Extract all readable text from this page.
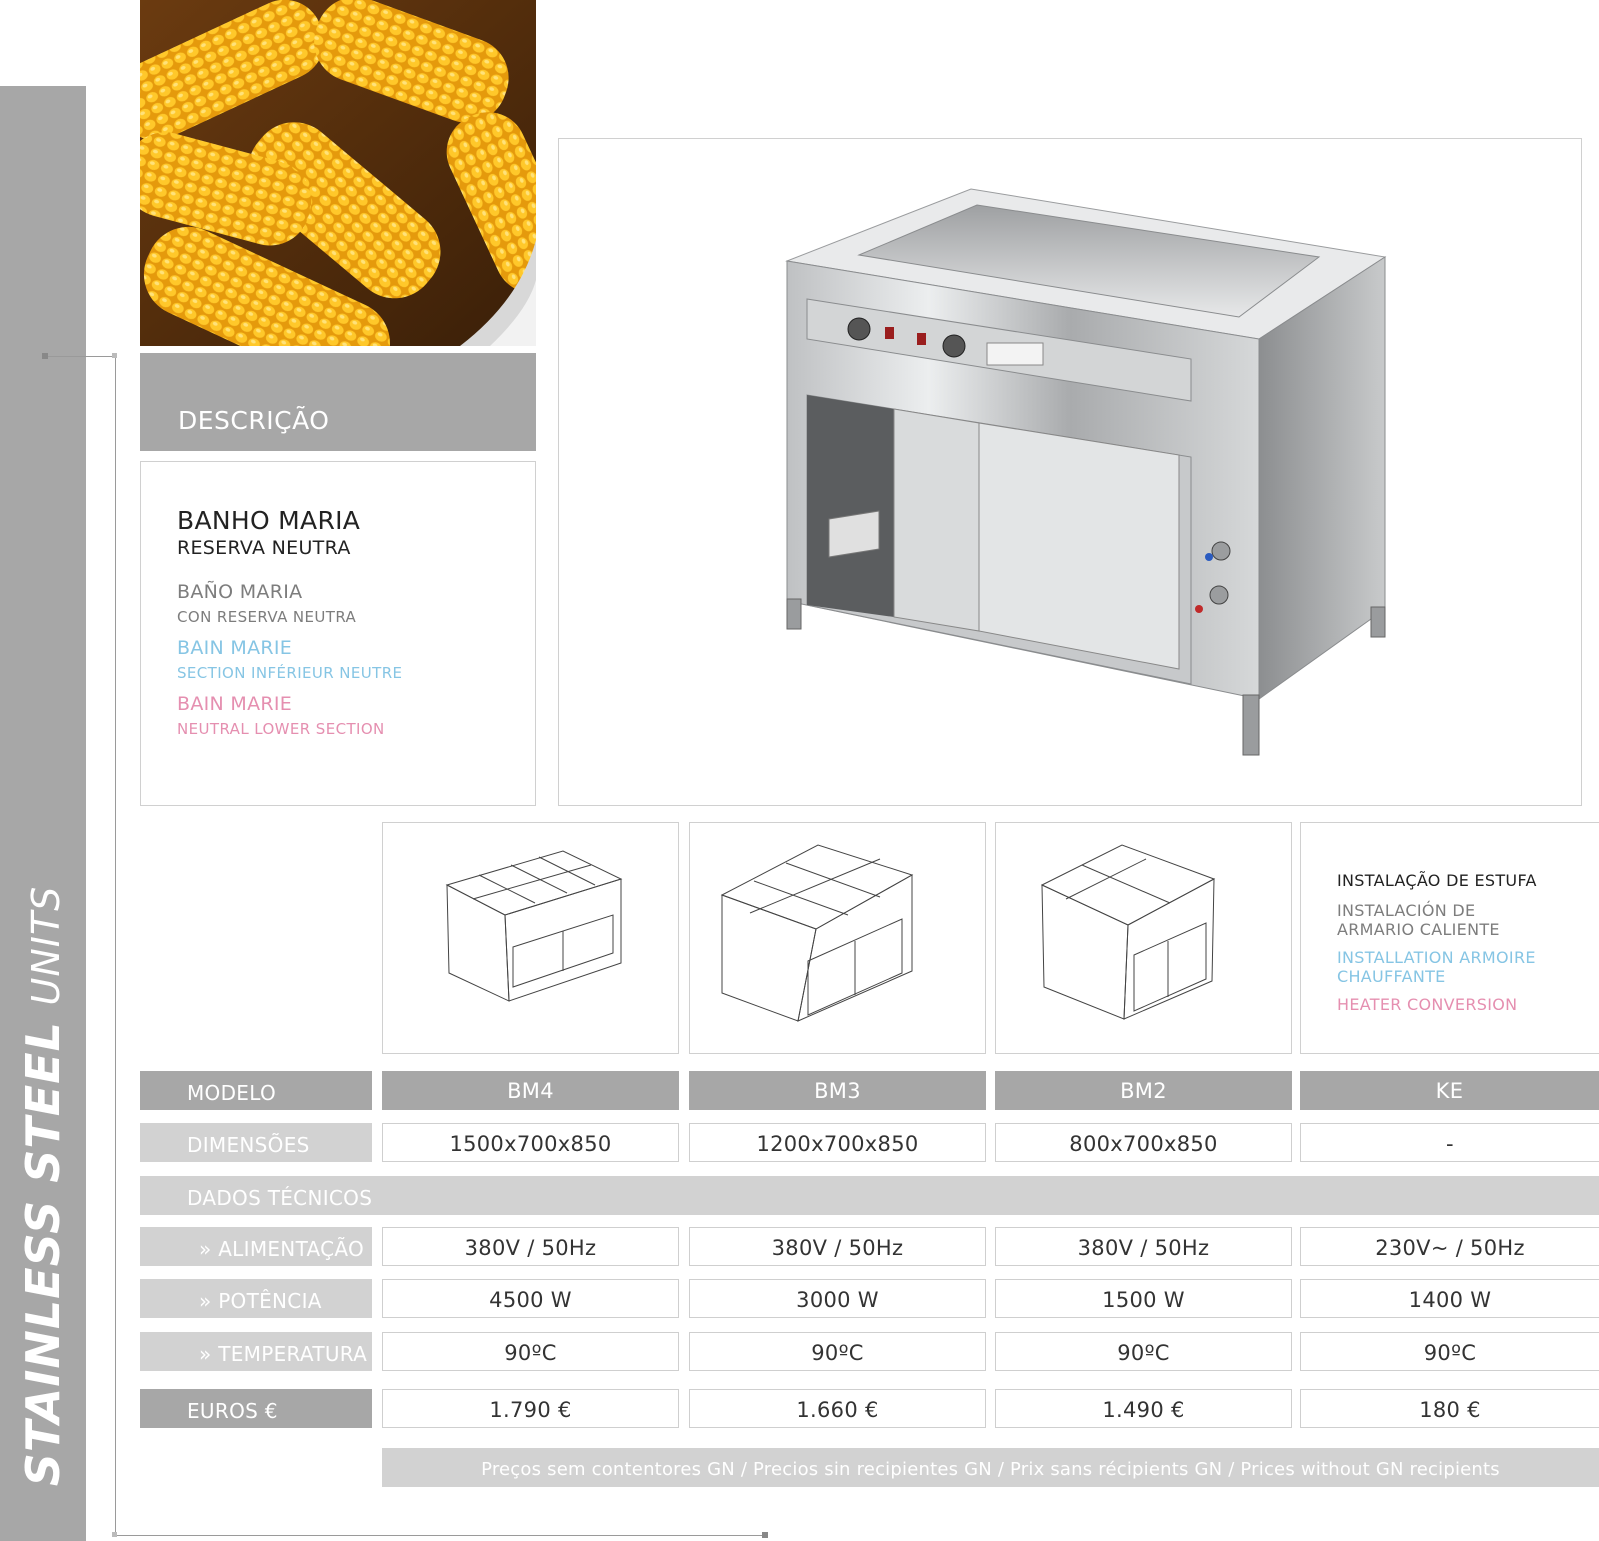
STAINLESS STEEL UNITS
DESCRIÇÃO
BANHO MARIA
RESERVA NEUTRA
BAÑO MARIA
CON RESERVA NEUTRA
BAIN MARIE
SECTION INFÉRIEUR NEUTRE
BAIN MARIE
NEUTRAL LOWER SECTION
INSTALAÇÃO DE ESTUFA
INSTALACIÓN DE ARMARIO CALIENTE
INSTALLATION ARMOIRE CHAUFFANTE
HEATER CONVERSION
MODELO	BM4	BM3	BM2	KE
DIMENSÕES	1500x700x850	1200x700x850	800x700x850	-
DADOS TÉCNICOS
» ALIMENTAÇÃO	380V / 50Hz	380V / 50Hz	380V / 50Hz	230V~ / 50Hz
» POTÊNCIA	4500 W	3000 W	1500 W	1400 W
» TEMPERATURA	90ºC	90ºC	90ºC	90ºC
EUROS €	1.790 €	1.660 €	1.490 €	180 €
Preços sem contentores GN / Precios sin recipientes GN / Prix sans récipients GN / Prices without GN recipients
